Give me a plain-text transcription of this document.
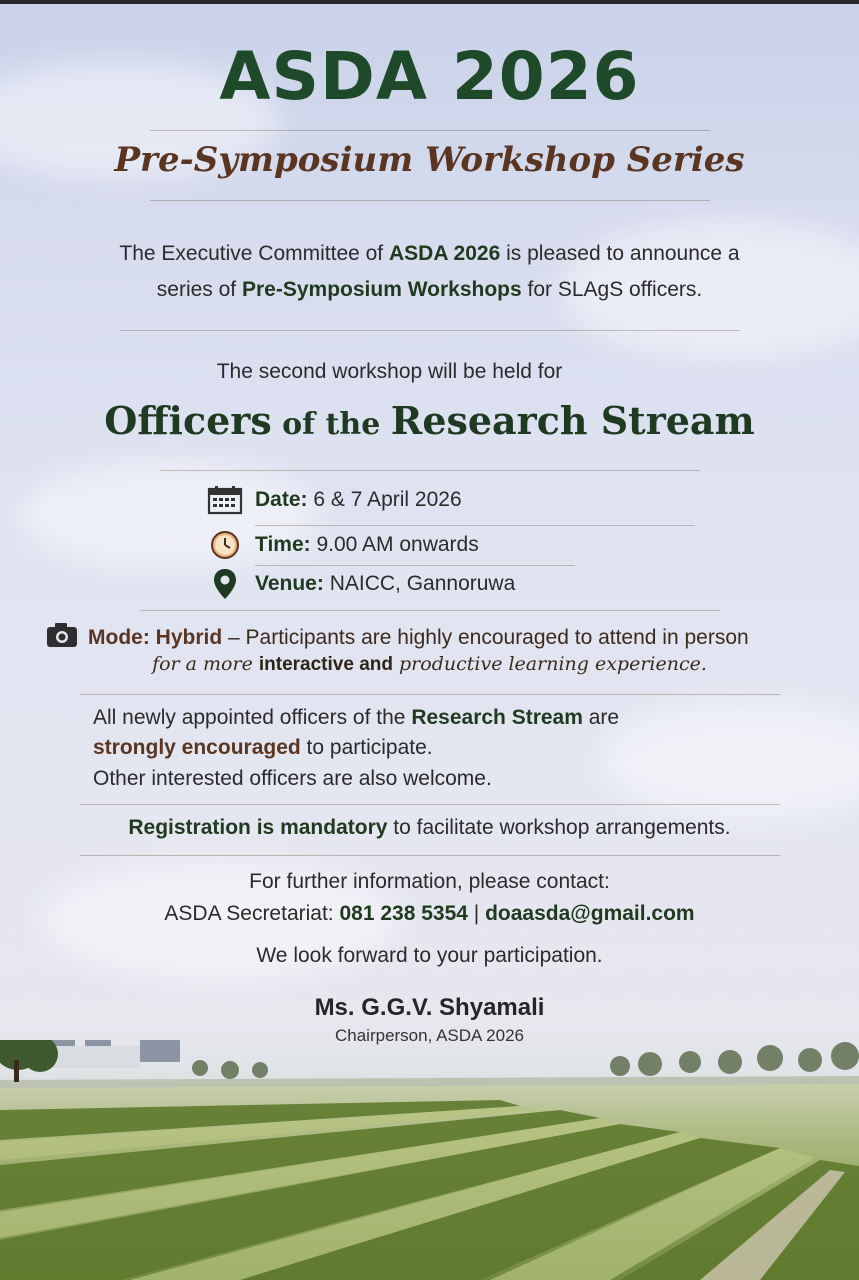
ASDA 2026
Pre-Symposium Workshop Series
The Executive Committee of ASDA 2026 is pleased to announce a
series of Pre-Symposium Workshops for SLAgS officers.
The second workshop will be held for
Officers of the Research Stream
Date: 6 & 7 April 2026
Time: 9.00 AM onwards
Venue: NAICC, Gannoruwa
Mode: Hybrid – Participants are highly encouraged to attend in person
for a more interactive and productive learning experience.
All newly appointed officers of the Research Stream are
strongly encouraged to participate.
Other interested officers are also welcome.
Registration is mandatory to facilitate workshop arrangements.
For further information, please contact:
ASDA Secretariat: 081 238 5354 | doaasda@gmail.com
We look forward to your participation.
Ms. G.G.V. Shyamali
Chairperson, ASDA 2026
